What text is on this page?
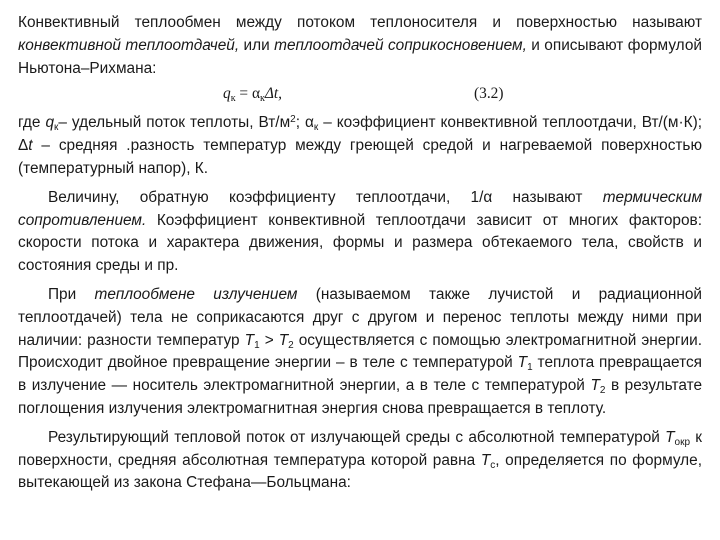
Конвективный теплообмен между потоком теплоносителя и поверхностью называют конвективной теплоотдачей, или теплоотдачей соприкосновением, и описывают формулой Ньютона–Рихмана:

$q_к = \alpha_к\Delta t$,	(3.2)

где $q_к-$ удельный поток теплоты, $Вт/м^2$; $\alpha_к$ – коэффициент конвективной теплоотдачи, Вт/(м·К); Δt – средняя .разность температур между греющей средой и нагреваемой поверхностью (температурный напор), К.

Величину, обратную коэффициенту теплоотдачи, 1/α называют термическим сопротивлением. Коэффициент конвективной теплоотдачи зависит от многих факторов: скорости потока и характера движения, формы и размера обтекаемого тела, свойств и состояния среды и пр.

При теплообмене излучением (называемом также лучистой и радиационной теплоотдачей) тела не соприкасаются друг с другом и перенос теплоты между ними при наличии: разности температур $T_1 > T_2$ осуществляется с помощью электромагнитной энергии. Происходит двойное превращение энергии – в теле с температурой $T_1$ теплота превращается в излучение — носитель электромагнитной энергии, а в теле с температурой $T_2$ в результате поглощения излучения электромагнитная энергия снова превращается в теплоту.

Результирующий тепловой поток от излучающей среды с абсолютной температурой $T_{окр}$ к поверхности, средняя абсолютная температура которой равна $T_c$, определяется по формуле, вытекающей из закона Стефана—Больцмана:
